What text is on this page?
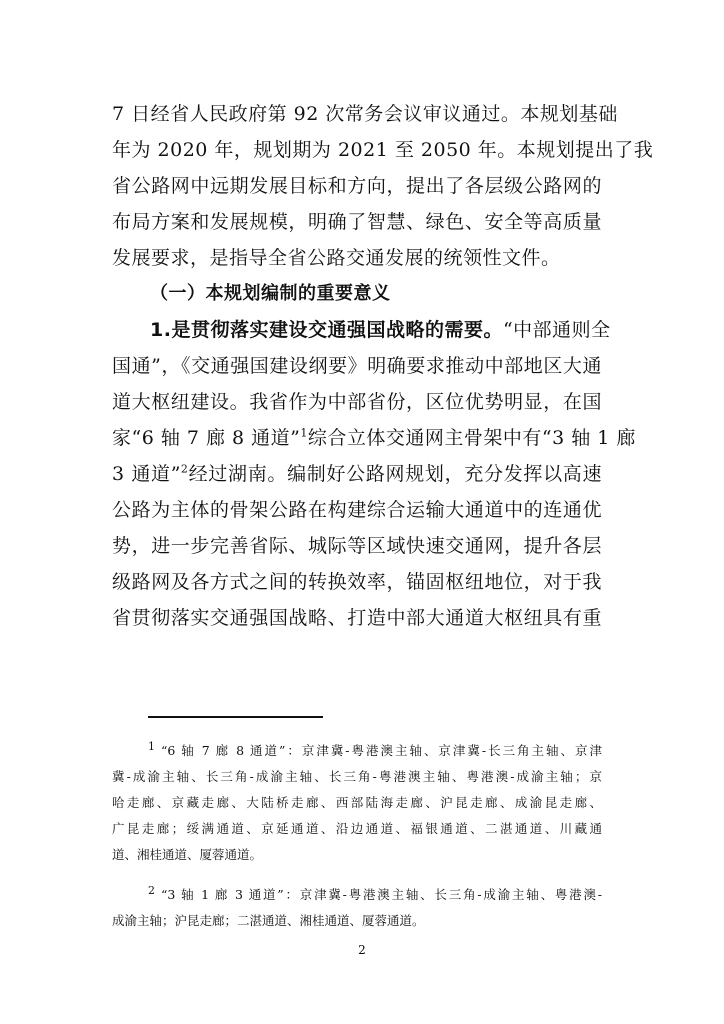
7 日经省人民政府第 92 次常务会议审议通过。本规划基础
年为 2020 年，规划期为 2021 至 2050 年。本规划提出了我
省公路网中远期发展目标和方向，提出了各层级公路网的
布局方案和发展规模，明确了智慧、绿色、安全等高质量
发展要求，是指导全省公路交通发展的统领性文件。
（一）本规划编制的重要意义
1.是贯彻落实建设交通强国战略的需要。“中部通则全
国通”，《交通强国建设纲要》明确要求推动中部地区大通
道大枢纽建设。我省作为中部省份，区位优势明显，在国
家“6 轴 7 廊 8 通道”$^1$综合立体交通网主骨架中有“3 轴 1 廊
3 通道”$^2$经过湖南。编制好公路网规划，充分发挥以高速
公路为主体的骨架公路在构建综合运输大通道中的连通优
势，进一步完善省际、城际等区域快速交通网，提升各层
级路网及各方式之间的转换效率，锚固枢纽地位，对于我
省贯彻落实交通强国战略、打造中部大通道大枢纽具有重
1 “6 轴 7 廊 8 通道”：京津冀-粤港澳主轴、京津冀-长三角主轴、京津
冀-成渝主轴、长三角-成渝主轴、长三角-粤港澳主轴、粤港澳-成渝主轴；京
哈走廊、京藏走廊、大陆桥走廊、西部陆海走廊、沪昆走廊、成渝昆走廊、
广昆走廊；绥满通道、京延通道、沿边通道、福银通道、二湛通道、川藏通
道、湘桂通道、厦蓉通道。
2 “3 轴 1 廊 3 通道”：京津冀-粤港澳主轴、长三角-成渝主轴、粤港澳-
成渝主轴；沪昆走廊；二湛通道、湘桂通道、厦蓉通道。
2
